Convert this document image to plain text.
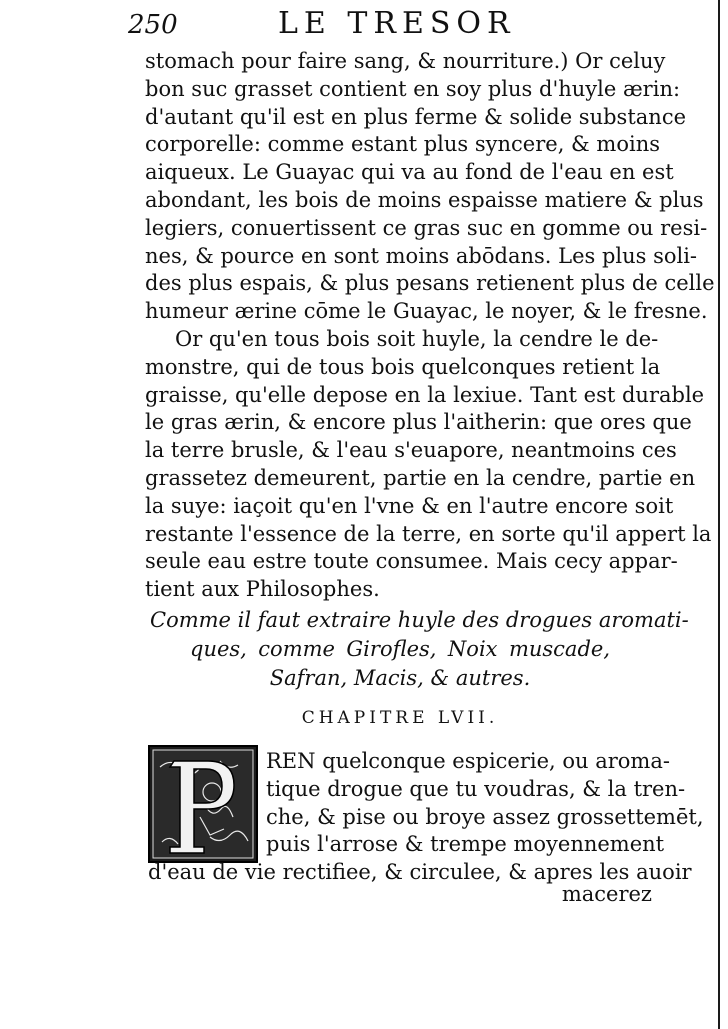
250	LE TRESOR
stomach pour faire sang, & nourriture.) Or celuy
bon suc grasset contient en soy plus d'huyle ærin:
d'autant qu'il est en plus ferme & solide substance
corporelle: comme estant plus syncere, & moins
aiqueux. Le Guayac qui va au fond de l'eau en est
abondant, les bois de moins espaisse matiere & plus
legiers, conuertissent ce gras suc en gomme ou resi-
nes, & pource en sont moins abōdans. Les plus soli-
des plus espais, & plus pesans retienent plus de celle
humeur ærine cōme le Guayac, le noyer, & le fresne.
Or qu'en tous bois soit huyle, la cendre le de-
monstre, qui de tous bois quelconques retient la
graisse, qu'elle depose en la lexiue. Tant est durable
le gras ærin, & encore plus l'aitherin: que ores que
la terre brusle, & l'eau s'euapore, neantmoins ces
grassetez demeurent, partie en la cendre, partie en
la suye: iaçoit qu'en l'vne & en l'autre encore soit
restante l'essence de la terre, en sorte qu'il appert la
seule eau estre toute consumee. Mais cecy appar-
tient aux Philosophes.
Comme il faut extraire huyle des drogues aromati-
ques, comme Girofles, Noix muscade,
Safran, Macis, & autres.
CHAPITRE LVII.
REN quelconque espicerie, ou aroma-
tique drogue que tu voudras, & la tren-
che, & pise ou broye assez grossettemēt,
puis l'arrose & trempe moyennement
d'eau de vie rectifiee, & circulee, & apres les auoir
macerez
